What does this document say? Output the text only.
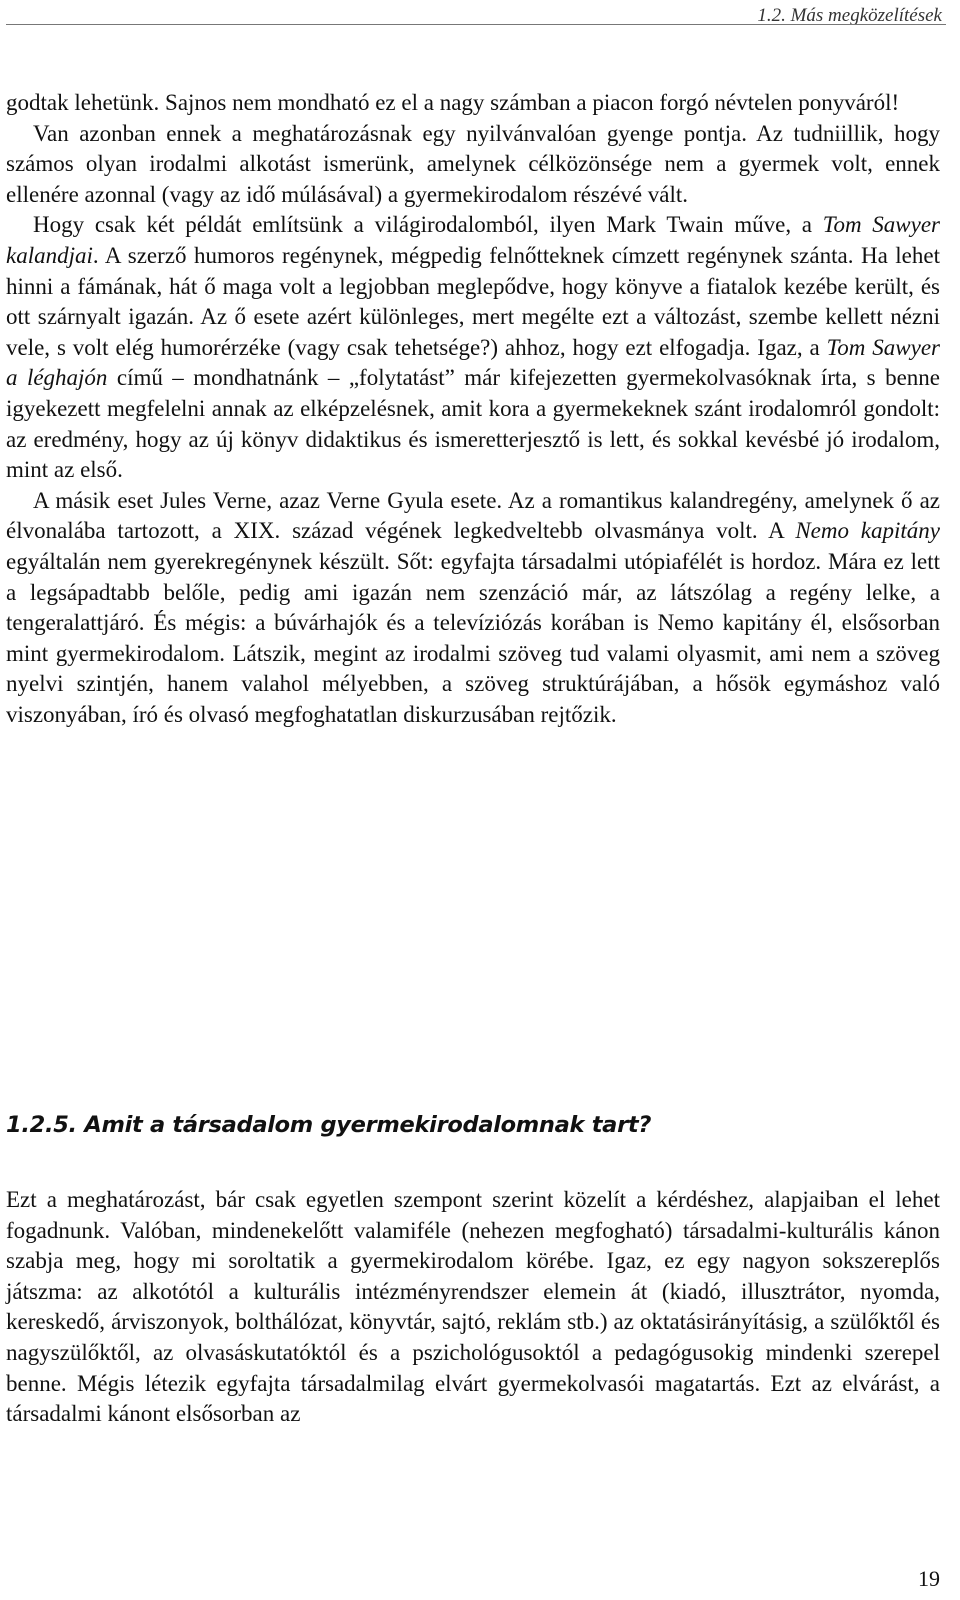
1.2. Más megközelítések

godtak lehetünk. Sajnos nem mondható ez el a nagy számban a piacon forgó névtelen ponyváról!

Van azonban ennek a meghatározásnak egy nyilvánvalóan gyenge pontja. Az tudniillik, hogy számos olyan irodalmi alkotást ismerünk, amelynek célközönsége nem a gyermek volt, ennek ellenére azonnal (vagy az idő múlásával) a gyermekirodalom részévé vált.

Hogy csak két példát említsünk a világirodalomból, ilyen Mark Twain műve, a Tom Sawyer kalandjai. A szerző humoros regénynek, mégpedig felnőtteknek címzett regénynek szánta. Ha lehet hinni a fámának, hát ő maga volt a legjobban meglepődve, hogy könyve a fiatalok kezébe került, és ott szárnyalt igazán. Az ő esete azért különleges, mert megélte ezt a változást, szembe kellett nézni vele, s volt elég humorérzéke (vagy csak tehetsége?) ahhoz, hogy ezt elfogadja. Igaz, a Tom Sawyer a léghajón című – mondhatnánk – „folytatást” már kifejezetten gyermekolvasóknak írta, s benne igyekezett megfelelni annak az elképzelésnek, amit kora a gyermekeknek szánt irodalomról gondolt: az eredmény, hogy az új könyv didaktikus és ismeretterjesztő is lett, és sokkal kevésbé jó irodalom, mint az első.

A másik eset Jules Verne, azaz Verne Gyula esete. Az a romantikus kalandregény, amelynek ő az élvonalába tartozott, a XIX. század végének legkedveltebb olvasmánya volt. A Nemo kapitány egyáltalán nem gyerekregénynek készült. Sőt: egyfajta társadalmi utópiafélét is hordoz. Mára ez lett a legsápadtabb belőle, pedig ami igazán nem szenzáció már, az látszólag a regény lelke, a tengeralattjáró. És mégis: a búvárhajók és a televíziózás korában is Nemo kapitány él, elsősorban mint gyermekirodalom. Látszik, megint az irodalmi szöveg tud valami olyasmit, ami nem a szöveg nyelvi szintjén, hanem valahol mélyebben, a szöveg struktúrájában, a hősök egymáshoz való viszonyában, író és olvasó megfoghatatlan diskurzusában rejtőzik.

1.2.5. Amit a társadalom gyermekirodalomnak tart?

Ezt a meghatározást, bár csak egyetlen szempont szerint közelít a kérdéshez, alapjaiban el lehet fogadnunk. Valóban, mindenekelőtt valamiféle (nehezen megfogható) társadalmi-kulturális kánon szabja meg, hogy mi soroltatik a gyermekirodalom körébe. Igaz, ez egy nagyon sokszereplős játszma: az alkotótól a kulturális intézményrendszer elemein át (kiadó, illusztrátor, nyomda, kereskedő, árviszonyok, bolthálózat, könyvtár, sajtó, reklám stb.) az oktatásirányításig, a szülőktől és nagyszülőktől, az olvasáskutatóktól és a pszichológusoktól a pedagógusokig mindenki szerepel benne. Mégis létezik egyfajta társadalmilag elvárt gyermekolvasói magatartás. Ezt az elvárást, a társadalmi kánont elsősorban az

19
